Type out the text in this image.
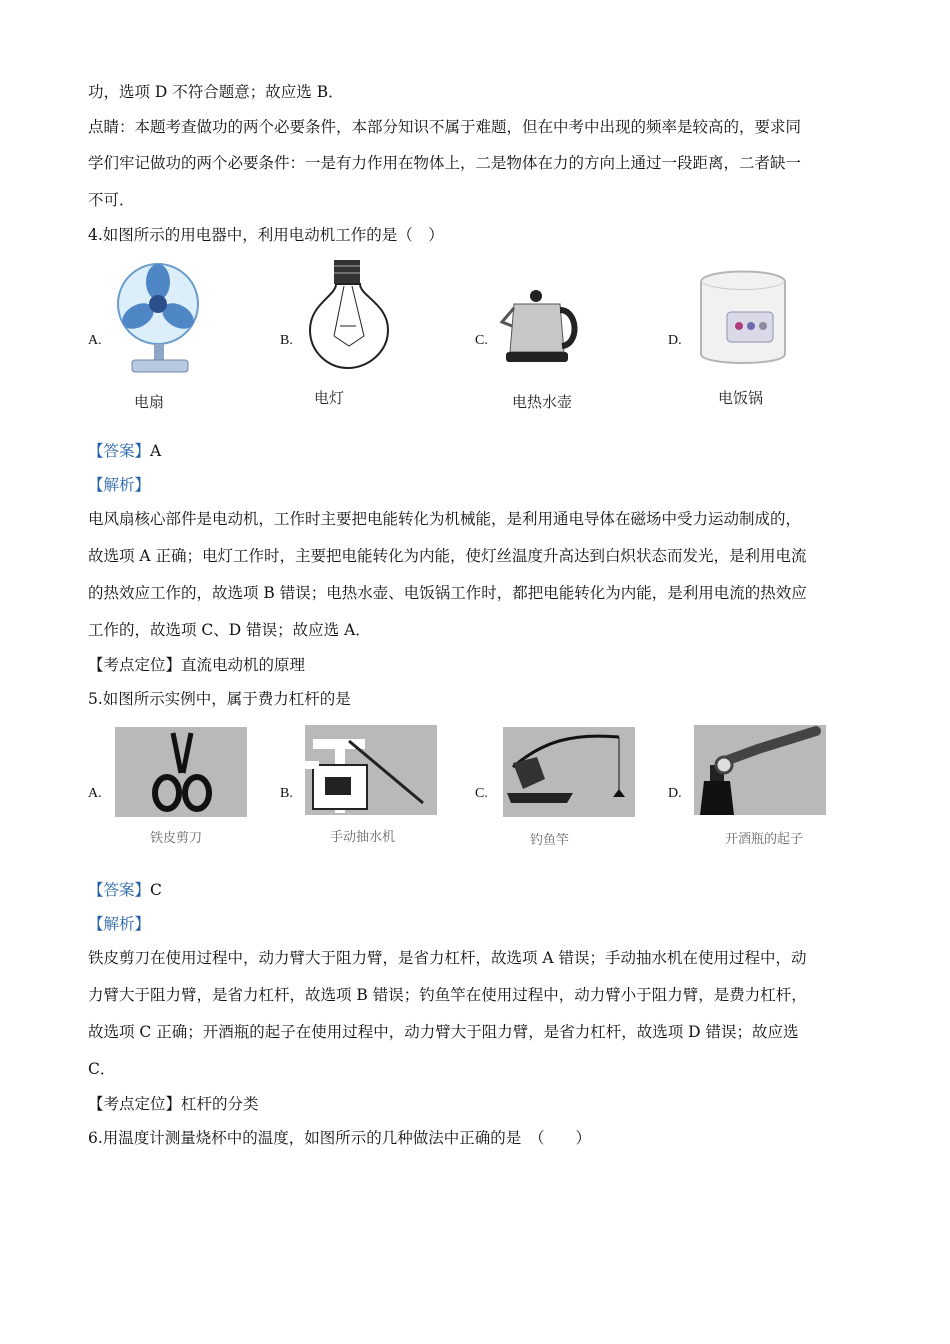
功，选项 D 不符合题意；故应选 B．
点睛：本题考查做功的两个必要条件，本部分知识不属于难题，但在中考中出现的频率是较高的，要求同
学们牢记做功的两个必要条件：一是有力作用在物体上，二是物体在力的方向上通过一段距离，二者缺一
不可．
4.如图所示的用电器中，利用电动机工作的是（　）
A.	B.	C.	D.
电扇	电灯	电热水壶	电饭锅
【答案】A
【解析】
电风扇核心部件是电动机，工作时主要把电能转化为机械能，是利用通电导体在磁场中受力运动制成的，
故选项 A 正确；电灯工作时，主要把电能转化为内能，使灯丝温度升高达到白炽状态而发光，是利用电流
的热效应工作的，故选项 B 错误；电热水壶、电饭锅工作时，都把电能转化为内能，是利用电流的热效应
工作的，故选项 C、D 错误；故应选 A．
【考点定位】直流电动机的原理
5.如图所示实例中，属于费力杠杆的是
A.	B.	C.	D.
铁皮剪刀	手动抽水机	钓鱼竿	开酒瓶的起子
【答案】C
【解析】
铁皮剪刀在使用过程中，动力臂大于阻力臂，是省力杠杆，故选项 A 错误；手动抽水机在使用过程中，动
力臂大于阻力臂，是省力杠杆，故选项 B 错误；钓鱼竿在使用过程中，动力臂小于阻力臂，是费力杠杆，
故选项 C 正确；开酒瓶的起子在使用过程中，动力臂大于阻力臂，是省力杠杆，故选项 D 错误；故应选
C．
【考点定位】杠杆的分类
6.用温度计测量烧杯中的温度，如图所示的几种做法中正确的是　（　　）
